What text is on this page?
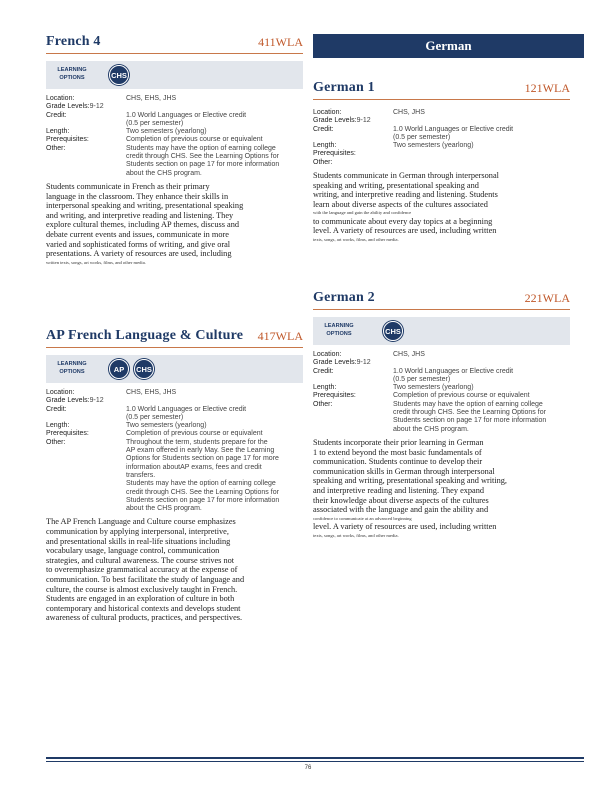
French 4	411WLA
LEARNING
OPTIONS	CHS
Location:	CHS, EHS, JHS
Grade Levels: 9-12
Credit:	1.0 World Languages or Elective credit
(0.5 per semester)
Length:	Two semesters (yearlong)
Prerequisites:	Completion of previous course or equivalent
Other:	Students may have the option of earning college
credit through CHS. See the Learning Options for
Students section on page 17 for more information
about the CHS program.
Students communicate in French as their primary
language in the classroom. They enhance their skills in
interpersonal speaking and writing, presentational speaking
and writing, and interpretive reading and listening. They
explore cultural themes, including AP themes, discuss and
debate current events and issues, communicate in more
varied and sophisticated forms of writing, and give oral
presentations. A variety of resources are used, including
written texts, songs, art works, films, and other media.
AP French Language & Culture 417WLA
LEARNING
OPTIONS	AP	CHS
Location:	CHS, EHS, JHS
Grade Levels: 9-12
Credit:	1.0 World Languages or Elective credit
(0.5 per semester)
Length:	Two semesters (yearlong)
Prerequisites:	Completion of previous course or equivalent
Other:	Throughout the term, students prepare for the
AP exam offered in early May. See the Learning
Options for Students section on page 17 for more
information aboutAP exams, fees and credit
transfers.
Students may have the option of earning college
credit through CHS. See the Learning Options for
Students section on page 17 for more information
about the CHS program.
The AP French Language and Culture course emphasizes
communication by applying interpersonal, interpretive,
and presentational skills in real-life situations including
vocabulary usage, language control, communication
strategies, and cultural awareness. The course strives not
to overemphasize grammatical accuracy at the expense of
communication. To best facilitate the study of language and
culture, the course is almost exclusively taught in French.
Students are engaged in an exploration of culture in both
contemporary and historical contexts and develops student
awareness of cultural products, practices, and perspectives.
German
German 1	121WLA
Location:	CHS, JHS
Grade Levels: 9-12
Credit:	1.0 World Languages or Elective credit
(0.5 per semester)
Length:	Two semesters (yearlong)
Prerequisites:
Other:
Students communicate in German through interpersonal
speaking and writing, presentational speaking and
writing, and interpretive reading and listening. Students
learn about diverse aspects of the cultures associated
with the language and gain the ability and confidence
to communicate about every day topics at a beginning
level. A variety of resources are used, including written
texts, songs, art works, films, and other media.
German 2	221WLA
LEARNING
OPTIONS	CHS
Location:	CHS, JHS
Grade Levels: 9-12
Credit:	1.0 World Languages or Elective credit
(0.5 per semester)
Length:	Two semesters (yearlong)
Prerequisites:	Completion of previous course or equivalent
Other:	Students may have the option of earning college
credit through CHS. See the Learning Options for
Students section on page 17 for more information
about the CHS program.
Students incorporate their prior learning in German
1 to extend beyond the most basic fundamentals of
communication. Students continue to develop their
communication skills in German through interpersonal
speaking and writing, presentational speaking and writing,
and interpretive reading and listening. They expand
their knowledge about diverse aspects of the cultures
associated with the language and gain the ability and
confidence to communicate at an advanced beginning
level. A variety of resources are used, including written
texts, songs, art works, films, and other media.
76
